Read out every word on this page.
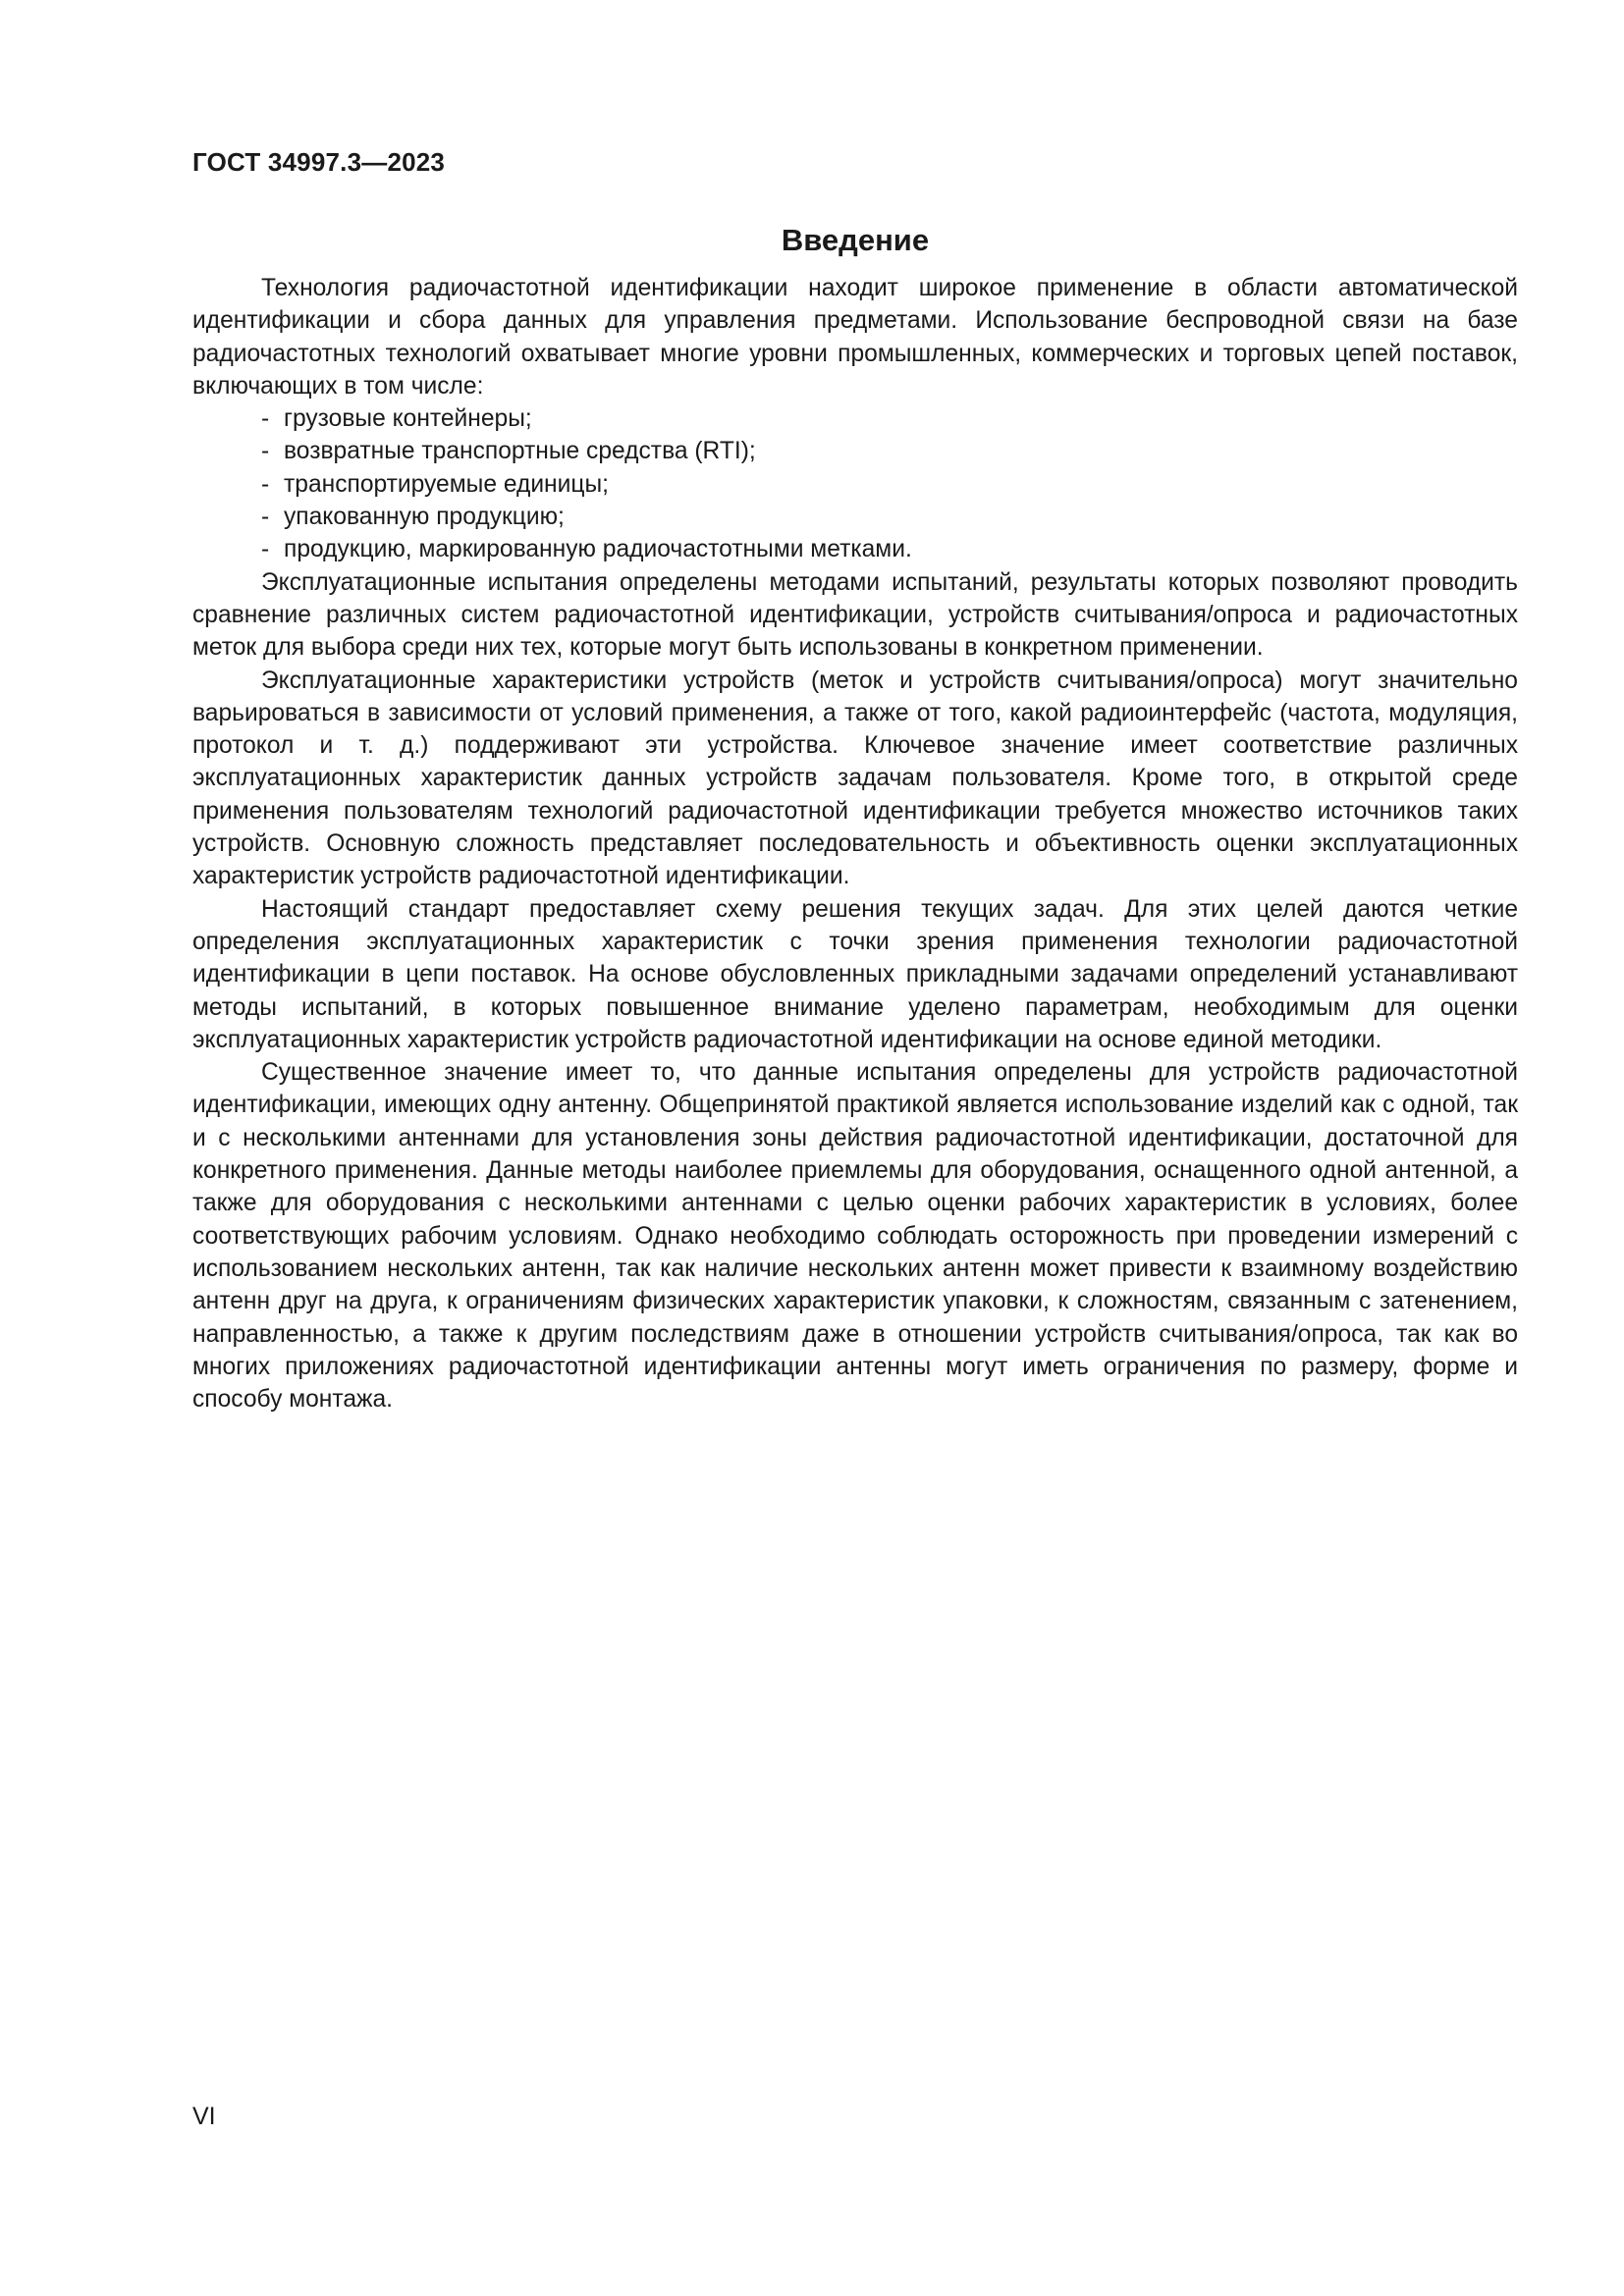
ГОСТ 34997.3—2023
Введение

Технология радиочастотной идентификации находит широкое применение в области автоматической идентификации и сбора данных для управления предметами. Использование беспроводной связи на базе радиочастотных технологий охватывает многие уровни промышленных, коммерческих и торговых цепей поставок, включающих в том числе:

- грузовые контейнеры;
- возвратные транспортные средства (RTI);
- транспортируемые единицы;
- упакованную продукцию;
- продукцию, маркированную радиочастотными метками.

Эксплуатационные испытания определены методами испытаний, результаты которых позволяют проводить сравнение различных систем радиочастотной идентификации, устройств считывания/опроса и радиочастотных меток для выбора среди них тех, которые могут быть использованы в конкретном применении.

Эксплуатационные характеристики устройств (меток и устройств считывания/опроса) могут значительно варьироваться в зависимости от условий применения, а также от того, какой радиоинтерфейс (частота, модуляция, протокол и т. д.) поддерживают эти устройства. Ключевое значение имеет соответствие различных эксплуатационных характеристик данных устройств задачам пользователя. Кроме того, в открытой среде применения пользователям технологий радиочастотной идентификации требуется множество источников таких устройств. Основную сложность представляет последовательность и объективность оценки эксплуатационных характеристик устройств радиочастотной идентификации.

Настоящий стандарт предоставляет схему решения текущих задач. Для этих целей даются четкие определения эксплуатационных характеристик с точки зрения применения технологии радиочастотной идентификации в цепи поставок. На основе обусловленных прикладными задачами определений устанавливают методы испытаний, в которых повышенное внимание уделено параметрам, необходимым для оценки эксплуатационных характеристик устройств радиочастотной идентификации на основе единой методики.

Существенное значение имеет то, что данные испытания определены для устройств радиочастотной идентификации, имеющих одну антенну. Общепринятой практикой является использование изделий как с одной, так и с несколькими антеннами для установления зоны действия радиочастотной идентификации, достаточной для конкретного применения. Данные методы наиболее приемлемы для оборудования, оснащенного одной антенной, а также для оборудования с несколькими антеннами с целью оценки рабочих характеристик в условиях, более соответствующих рабочим условиям. Однако необходимо соблюдать осторожность при проведении измерений с использованием нескольких антенн, так как наличие нескольких антенн может привести к взаимному воздействию антенн друг на друга, к ограничениям физических характеристик упаковки, к сложностям, связанным с затенением, направленностью, а также к другим последствиям даже в отношении устройств считывания/опроса, так как во многих приложениях радиочастотной идентификации антенны могут иметь ограничения по размеру, форме и способу монтажа.

VI
